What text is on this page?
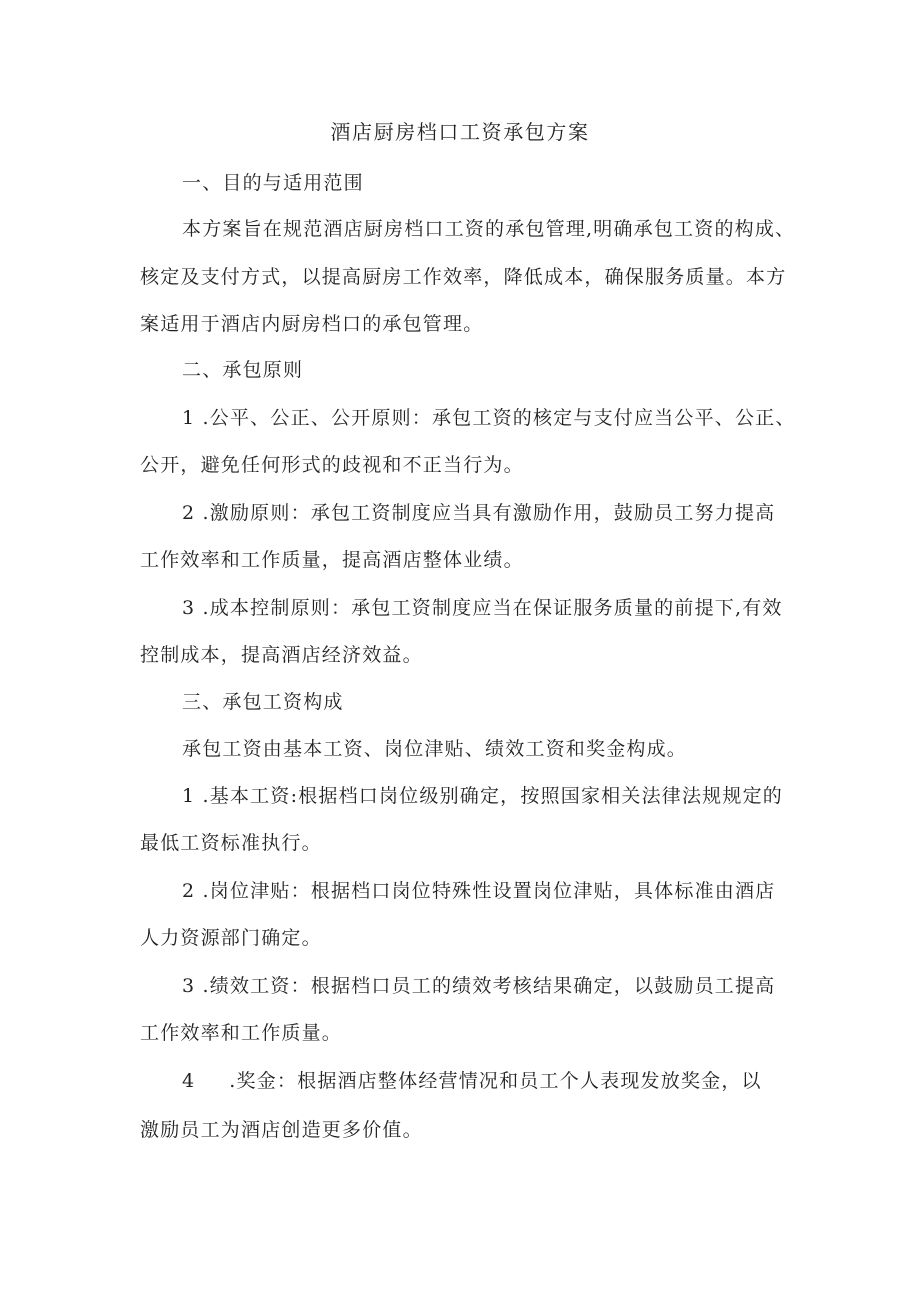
酒店厨房档口工资承包方案
一、目的与适用范围
本方案旨在规范酒店厨房档口工资的承包管理,明确承包工资的构成、
核定及支付方式，以提高厨房工作效率，降低成本，确保服务质量。本方
案适用于酒店内厨房档口的承包管理。
二、承包原则
1 .公平、公正、公开原则：承包工资的核定与支付应当公平、公正、
公开，避免任何形式的歧视和不正当行为。
2 .激励原则：承包工资制度应当具有激励作用，鼓励员工努力提高
工作效率和工作质量，提高酒店整体业绩。
3 .成本控制原则：承包工资制度应当在保证服务质量的前提下,有效
控制成本，提高酒店经济效益。
三、承包工资构成
承包工资由基本工资、岗位津贴、绩效工资和奖金构成。
1 .基本工资:根据档口岗位级别确定，按照国家相关法律法规规定的
最低工资标准执行。
2 .岗位津贴：根据档口岗位特殊性设置岗位津贴，具体标准由酒店
人力资源部门确定。
3 .绩效工资：根据档口员工的绩效考核结果确定，以鼓励员工提高
工作效率和工作质量。
4 .奖金：根据酒店整体经营情况和员工个人表现发放奖金，以
激励员工为酒店创造更多价值。
